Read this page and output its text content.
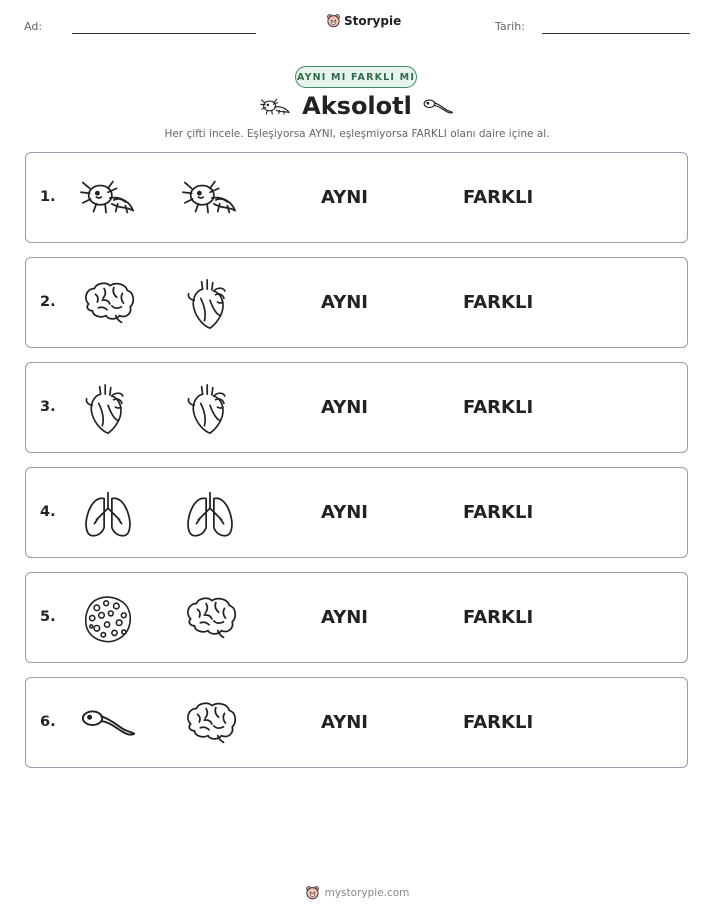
Ad:	Storypie	Tarih:
AYNI MI FARKLI MI
Aksolotl
Her çifti incele. Eşleşiyorsa AYNI, eşleşmiyorsa FARKLI olanı daire içine al.
1.	AYNI	FARKLI
2.	AYNI	FARKLI
3.	AYNI	FARKLI
4.	AYNI	FARKLI
5.	AYNI	FARKLI
6.	AYNI	FARKLI
mystorypie.com
